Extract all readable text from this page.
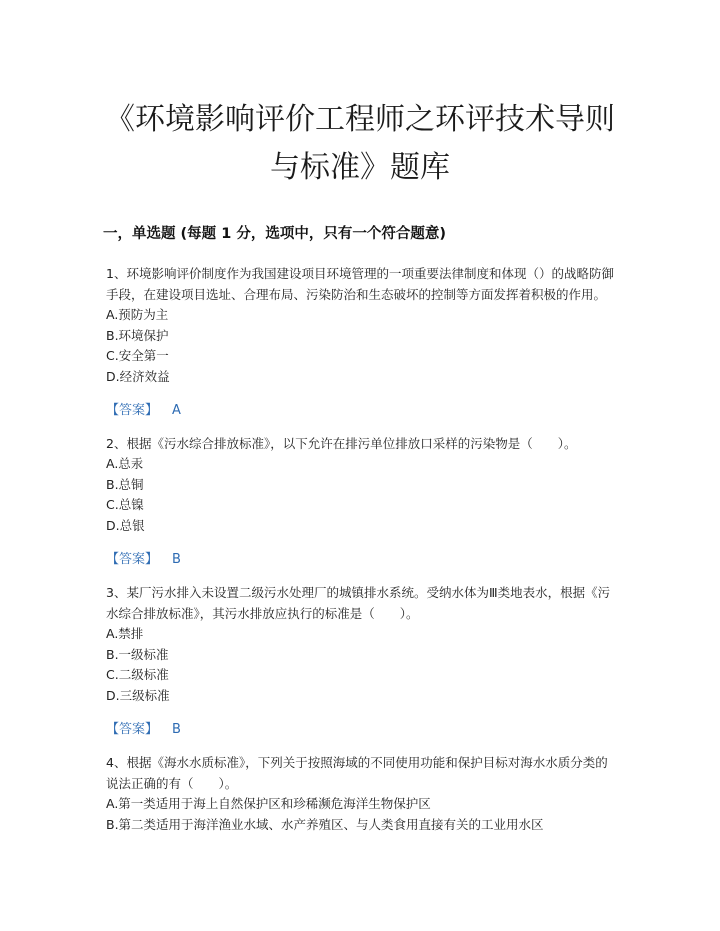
《环境影响评价工程师之环评技术导则与标准》题库
一，单选题 (每题 1 分，选项中，只有一个符合题意)

1、环境影响评价制度作为我国建设项目环境管理的一项重要法律制度和体现（）的战略防御手段，在建设项目选址、合理布局、污染防治和生态破坏的控制等方面发挥着积极的作用。

A.预防为主

B.环境保护

C.安全第一

D.经济效益

【答案】 A

2、根据《污水综合排放标准》，以下允许在排污单位排放口采样的污染物是（　　）。

A.总汞

B.总铜

C.总镍

D.总银

【答案】 B

3、某厂污水排入未设置二级污水处理厂的城镇排水系统。受纳水体为Ⅲ类地表水，根据《污水综合排放标准》，其污水排放应执行的标准是（　　）。

A.禁排

B.一级标准

C.二级标准

D.三级标准

【答案】 B

4、根据《海水水质标准》，下列关于按照海域的不同使用功能和保护目标对海水水质分类的说法正确的有（　　）。

A.第一类适用于海上自然保护区和珍稀濒危海洋生物保护区

B.第二类适用于海洋渔业水域、水产养殖区、与人类食用直接有关的工业用水区
